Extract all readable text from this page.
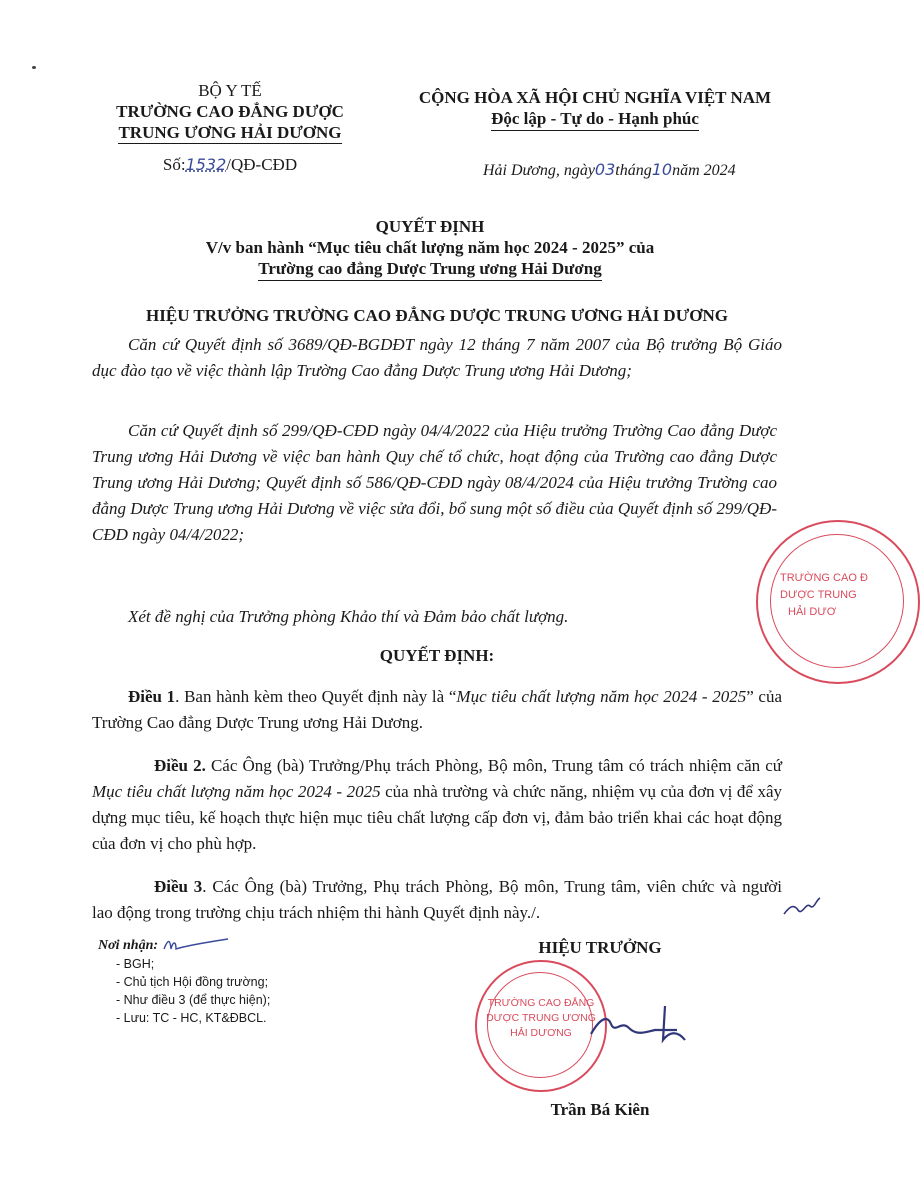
BỘ Y TẾ
TRƯỜNG CAO ĐẲNG DƯỢC
TRUNG ƯƠNG HẢI DƯƠNG
Số:1532/QĐ-CĐD
CỘNG HÒA XÃ HỘI CHỦ NGHĨA VIỆT NAM
Độc lập - Tự do - Hạnh phúc
Hải Dương, ngày03tháng10năm 2024
QUYẾT ĐỊNH
V/v ban hành “Mục tiêu chất lượng năm học 2024 - 2025” của
Trường cao đẳng Dược Trung ương Hải Dương
HIỆU TRƯỞNG TRƯỜNG CAO ĐẲNG DƯỢC TRUNG ƯƠNG HẢI DƯƠNG
Căn cứ Quyết định số 3689/QĐ-BGDĐT ngày 12 tháng 7 năm 2007 của Bộ trưởng Bộ Giáo dục đào tạo về việc thành lập Trường Cao đẳng Dược Trung ương Hải Dương;
Căn cứ Quyết định số 299/QĐ-CĐD ngày 04/4/2022 của Hiệu trưởng Trường Cao đẳng Dược Trung ương Hải Dương về việc ban hành Quy chế tổ chức, hoạt động của Trường cao đẳng Dược Trung ương Hải Dương; Quyết định số 586/QĐ-CĐD ngày 08/4/2024 của Hiệu trưởng Trường cao đẳng Dược Trung ương Hải Dương về việc sửa đổi, bổ sung một số điều của Quyết định số 299/QĐ-CĐD ngày 04/4/2022;
Xét đề nghị của Trưởng phòng Khảo thí và Đảm bảo chất lượng.
QUYẾT ĐỊNH:
Điều 1. Ban hành kèm theo Quyết định này là “Mục tiêu chất lượng năm học 2024 - 2025” của Trường Cao đẳng Dược Trung ương Hải Dương.
Điều 2. Các Ông (bà) Trưởng/Phụ trách Phòng, Bộ môn, Trung tâm có trách nhiệm căn cứ Mục tiêu chất lượng năm học 2024 - 2025 của nhà trường và chức năng, nhiệm vụ của đơn vị để xây dựng mục tiêu, kế hoạch thực hiện mục tiêu chất lượng cấp đơn vị, đảm bảo triển khai các hoạt động của đơn vị cho phù hợp.
Điều 3. Các Ông (bà) Trưởng, Phụ trách Phòng, Bộ môn, Trung tâm, viên chức và người lao động trong trường chịu trách nhiệm thi hành Quyết định này./.
Nơi nhận:
- BGH;
- Chủ tịch Hội đồng trường;
- Như điều 3 (để thực hiện);
- Lưu: TC - HC, KT&ĐBCL.
HIỆU TRƯỞNG
TRƯỜNG CAO ĐẲNG
DƯỢC TRUNG ƯƠNG
HẢI DƯƠNG
Trần Bá Kiên
TRƯỜNG CAO Đ
DƯỢC TRUNG
HẢI DƯƠ
